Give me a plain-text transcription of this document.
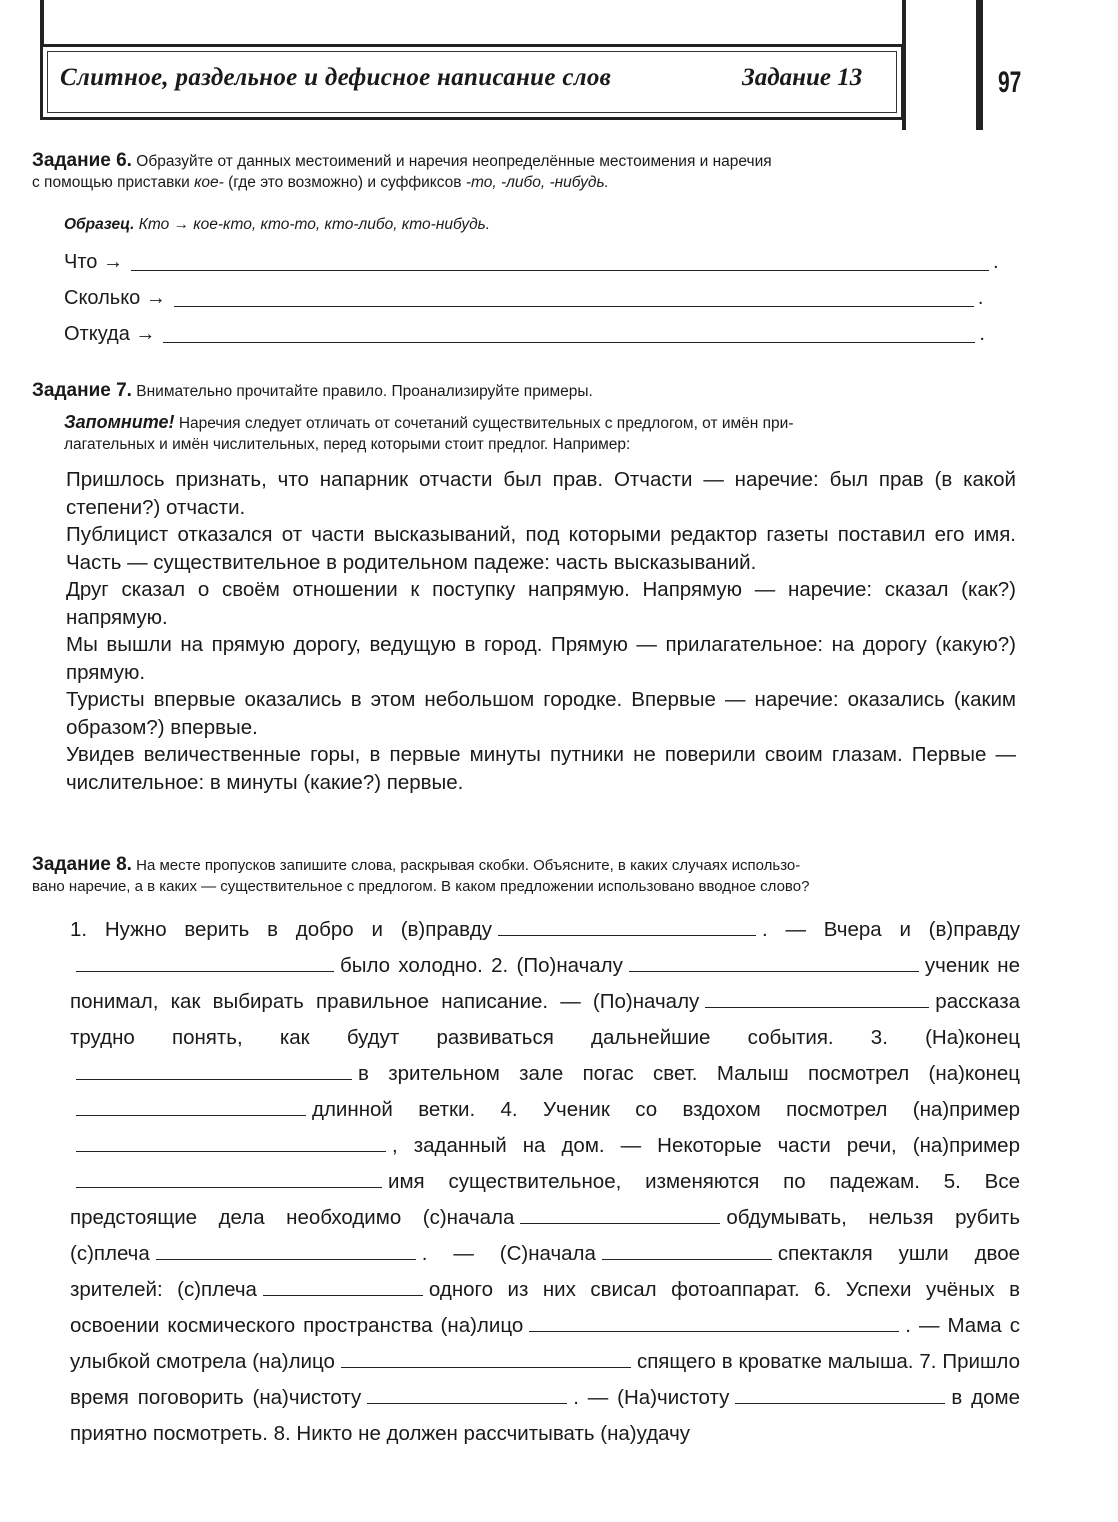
Слитное, раздельное и дефисное написание слов	Задание 13	97
Задание 6. Образуйте от данных местоимений и наречия неопределённые местоимения и наречия
с помощью приставки кое- (где это возможно) и суффиксов -то, -либо, -нибудь.
Образец. Кто → кое-кто, кто-то, кто-либо, кто-нибудь.
Что →	.
Сколько →	.
Откуда →	.
Задание 7. Внимательно прочитайте правило. Проанализируйте примеры.
Запомните! Наречия следует отличать от сочетаний существительных с предлогом, от имён при-
лагательных и имён числительных, перед которыми стоит предлог. Например:

Пришлось признать, что напарник отчасти был прав. Отчасти — наречие: был прав (в какой степени?) отчасти.

Публицист отказался от части высказываний, под которыми редактор газеты поставил его имя. Часть — существительное в родительном падеже: часть высказываний.

Друг сказал о своём отношении к поступку напрямую. Напрямую — наречие: сказал (как?) напрямую.

Мы вышли на прямую дорогу, ведущую в город. Прямую — прилагательное: на дорогу (какую?) прямую.

Туристы впервые оказались в этом небольшом городке. Впервые — наречие: оказались (каким образом?) впервые.

Увидев величественные горы, в первые минуты путники не поверили своим глазам. Первые — числительное: в минуты (какие?) первые.

Задание 8. На месте пропусков запишите слова, раскрывая скобки. Объясните, в каких случаях использо-
вано наречие, а в каких — существительное с предлогом. В каком предложении использовано вводное слово?
1. Нужно верить в добро и (в)правду	. — Вчера и (в)правдубыло холодно. 2. (По)началу	ученик не понимал, как выбирать правильное написание. — (По)началу	рассказа трудно понять, как будут развиваться дальнейшие события. 3. (На)конецв зрительном зале погас свет. Малыш посмотрел (на)конецдлинной ветки. 4. Ученик со вздохом посмотрел (на)пример, заданный на дом. — Некоторые части речи, (на)примеримя существительное, изменяются по падежам. 5. Все предстоящие дела необходимо (с)начала	обдумывать, нельзя рубить (с)плеча	. — (С)начала	спектакля ушли двое зрителей: (с)плеча	одного из них свисал фотоаппарат. 6. Успехи учёных в освоении космического пространства (на)лицо	. — Мама с улыбкой смотрела (на)лицо	спящего в кроватке малыша. 7. Пришло время поговорить (на)чистоту	. — (На)чистоту	в доме приятно посмотреть. 8. Никто не должен рассчитывать (на)удачу
